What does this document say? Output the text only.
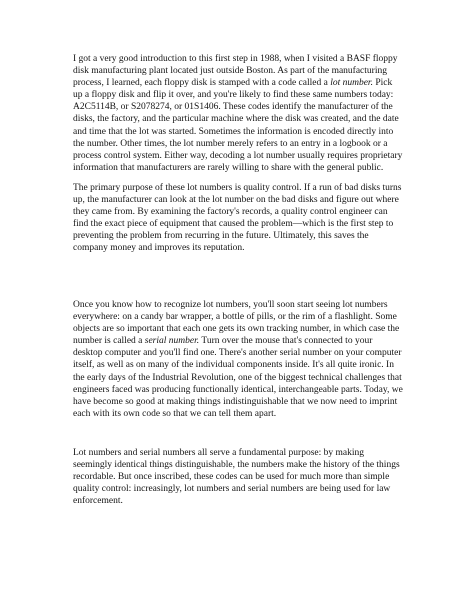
I got a very good introduction to this first step in 1988, when I visited a BASF floppy disk manufacturing plant located just outside Boston. As part of the manufacturing process, I learned, each floppy disk is stamped with a code called a lot number. Pick up a floppy disk and flip it over, and you're likely to find these same numbers today: A2C5114B, or S2078274, or 01S1406. These codes identify the manufacturer of the disks, the factory, and the particular machine where the disk was created, and the date and time that the lot was started. Sometimes the information is encoded directly into the number. Other times, the lot number merely refers to an entry in a logbook or a process control system. Either way, decoding a lot number usually requires proprietary information that manufacturers are rarely willing to share with the general public.

The primary purpose of these lot numbers is quality control. If a run of bad disks turns up, the manufacturer can look at the lot number on the bad disks and figure out where they came from. By examining the factory's records, a quality control engineer can find the exact piece of equipment that caused the problem—which is the first step to preventing the problem from recurring in the future. Ultimately, this saves the company money and improves its reputation.

Once you know how to recognize lot numbers, you'll soon start seeing lot numbers everywhere: on a candy bar wrapper, a bottle of pills, or the rim of a flashlight. Some objects are so important that each one gets its own tracking number, in which case the number is called a serial number. Turn over the mouse that's connected to your desktop computer and you'll find one. There's another serial number on your computer itself, as well as on many of the individual components inside. It's all quite ironic. In the early days of the Industrial Revolution, one of the biggest technical challenges that engineers faced was producing functionally identical, interchangeable parts. Today, we have become so good at making things indistinguishable that we now need to imprint each with its own code so that we can tell them apart.

Lot numbers and serial numbers all serve a fundamental purpose: by making seemingly identical things distinguishable, the numbers make the history of the things recordable. But once inscribed, these codes can be used for much more than simple quality control: increasingly, lot numbers and serial numbers are being used for law enforcement.
